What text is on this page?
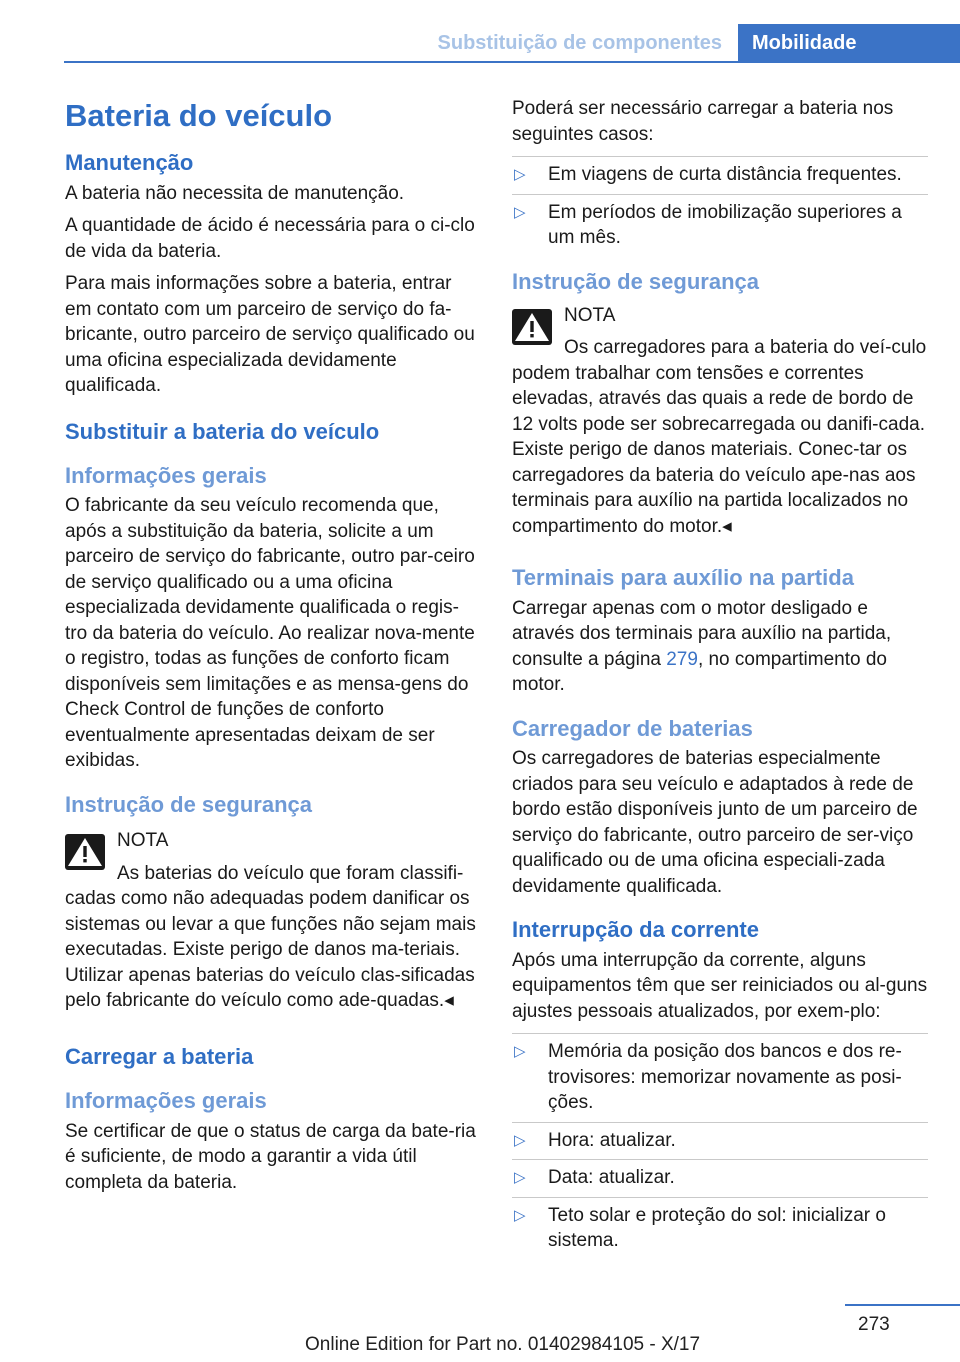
Substituição de componentes	Mobilidade
Bateria do veículo
Manutenção

A bateria não necessita de manutenção.

A quantidade de ácido é necessária para o ci-clo de vida da bateria.

Para mais informações sobre a bateria, entrar em contato com um parceiro de serviço do fa-bricante, outro parceiro de serviço qualificado ou uma oficina especializada devidamente qualificada.

Substituir a bateria do veículo
Informações gerais

O fabricante da seu veículo recomenda que, após a substituição da bateria, solicite a um parceiro de serviço do fabricante, outro par-ceiro de serviço qualificado ou a uma oficina especializada devidamente qualificada o regis-tro da bateria do veículo. Ao realizar nova-mente o registro, todas as funções de conforto ficam disponíveis sem limitações e as mensa-gens do Check Control de funções de conforto eventualmente apresentadas deixam de ser exibidas.

Instrução de segurança
NOTA
As baterias do veículo que foram classifi-cadas como não adequadas podem danificar os sistemas ou levar a que funções não sejam mais executadas. Existe perigo de danos ma-teriais. Utilizar apenas baterias do veículo clas-sificadas pelo fabricante do veículo como ade-quadas.◂
Carregar a bateria
Informações gerais

Se certificar de que o status de carga da bate-ria é suficiente, de modo a garantir a vida útil completa da bateria.

Poderá ser necessário carregar a bateria nos seguintes casos:

▷	Em viagens de curta distância frequentes.
▷	Em períodos de imobilização superiores a um mês.
Instrução de segurança
NOTA
Os carregadores para a bateria do veí-culo podem trabalhar com tensões e correntes elevadas, através das quais a rede de bordo de 12 volts pode ser sobrecarregada ou danifi-cada. Existe perigo de danos materiais. Conec-tar os carregadores da bateria do veículo ape-nas aos terminais para auxílio na partida localizados no compartimento do motor.◂
Terminais para auxílio na partida

Carregar apenas com o motor desligado e através dos terminais para auxílio na partida, consulte a página 279, no compartimento do motor.

Carregador de baterias

Os carregadores de baterias especialmente criados para seu veículo e adaptados à rede de bordo estão disponíveis junto de um parceiro de serviço do fabricante, outro parceiro de ser-viço qualificado ou de uma oficina especiali-zada devidamente qualificada.

Interrupção da corrente

Após uma interrupção da corrente, alguns equipamentos têm que ser reiniciados ou al-guns ajustes pessoais atualizados, por exem-plo:

▷	Memória da posição dos bancos e dos re-trovisores: memorizar novamente as posi-ções.
▷	Hora: atualizar.
▷	Data: atualizar.
▷	Teto solar e proteção do sol: inicializar o sistema.
273
Online Edition for Part no. 01402984105 - X/17
